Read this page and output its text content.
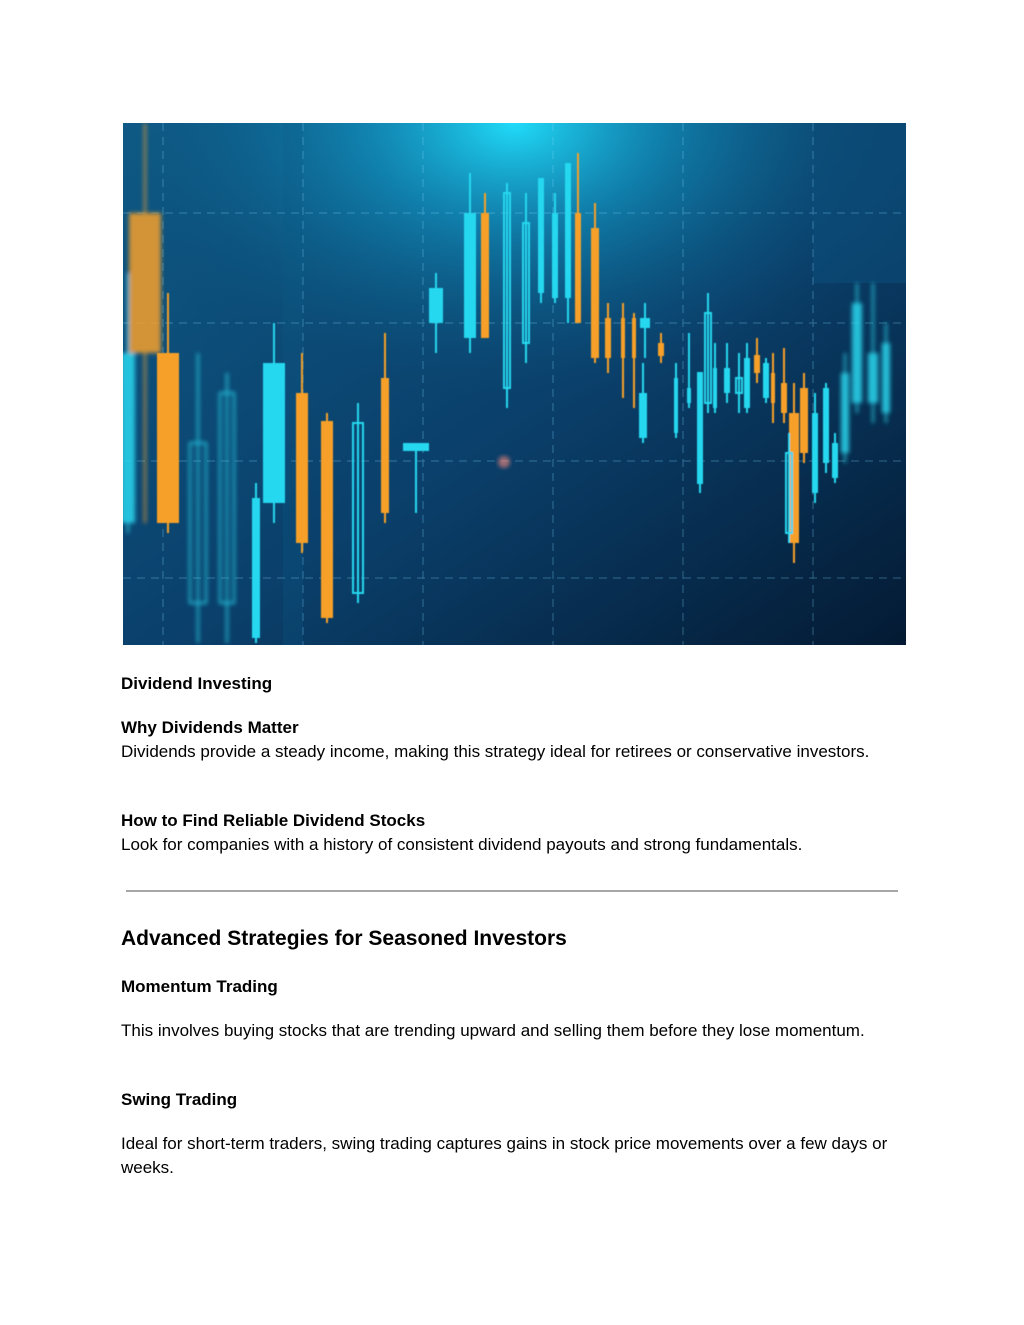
Dividend Investing

Why Dividends Matter

Dividends provide a steady income, making this strategy ideal for retirees or conservative investors.

How to Find Reliable Dividend Stocks

Look for companies with a history of consistent dividend payouts and strong fundamentals.

Advanced Strategies for Seasoned Investors

Momentum Trading

This involves buying stocks that are trending upward and selling them before they lose momentum.

Swing Trading

Ideal for short-term traders, swing trading captures gains in stock price movements over a few days or weeks.
